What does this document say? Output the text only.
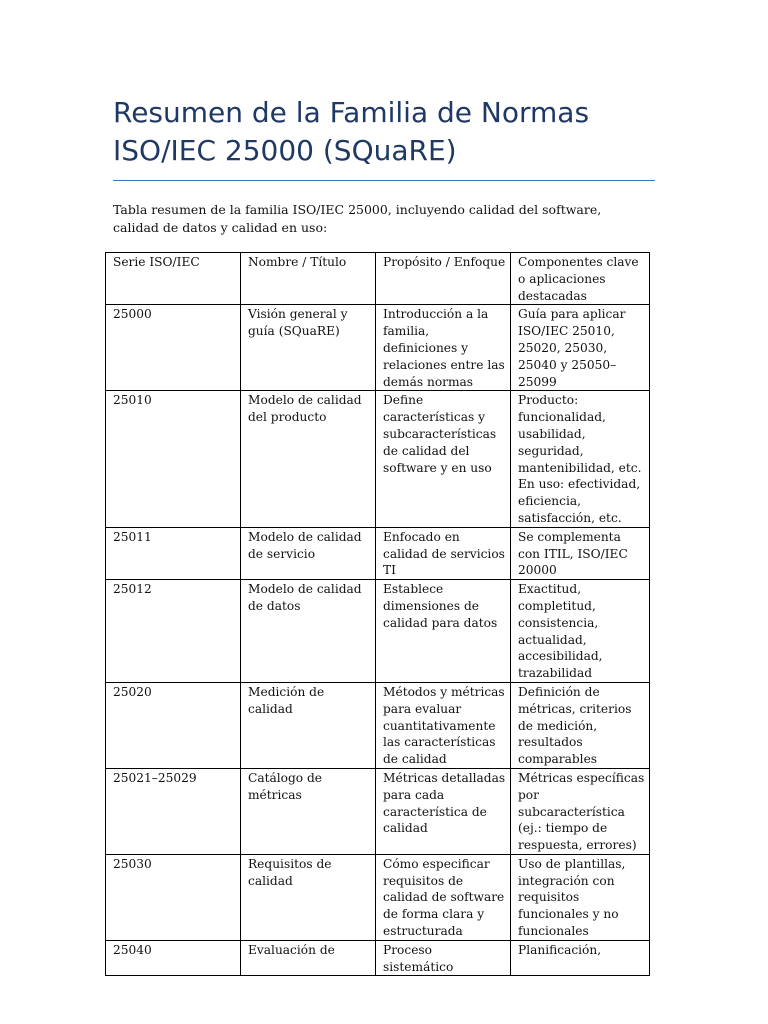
Resumen de la Familia de Normas
ISO/IEC 25000 (SQuaRE)

Tabla resumen de la familia ISO/IEC 25000, incluyendo calidad del software, calidad de datos y calidad en uso:

Serie ISO/IEC	Nombre / Título	Propósito / Enfoque	Componentes clave o aplicaciones destacadas
25000	Visión general y guía (SQuaRE)	Introducción a la familia, definiciones y relaciones entre las demás normas	Guía para aplicar ISO/IEC 25010, 25020, 25030, 25040 y 25050–25099
25010	Modelo de calidad del producto	Define características y subcaracterísticas de calidad del software y en uso	Producto: funcionalidad, usabilidad, seguridad, mantenibilidad, etc. En uso: efectividad, eficiencia, satisfacción, etc.
25011	Modelo de calidad de servicio	Enfocado en calidad de servicios TI	Se complementa con ITIL, ISO/IEC 20000
25012	Modelo de calidad de datos	Establece dimensiones de calidad para datos	Exactitud, completitud, consistencia, actualidad, accesibilidad, trazabilidad
25020	Medición de calidad	Métodos y métricas para evaluar cuantitativamente las características de calidad	Definición de métricas, criterios de medición, resultados comparables
25021–25029	Catálogo de métricas	Métricas detalladas para cada característica de calidad	Métricas específicas por subcaracterística (ej.: tiempo de respuesta, errores)
25030	Requisitos de calidad	Cómo especificar requisitos de calidad de software de forma clara y estructurada	Uso de plantillas, integración con requisitos funcionales y no funcionales
25040	Evaluación de	Proceso sistemático	Planificación,
